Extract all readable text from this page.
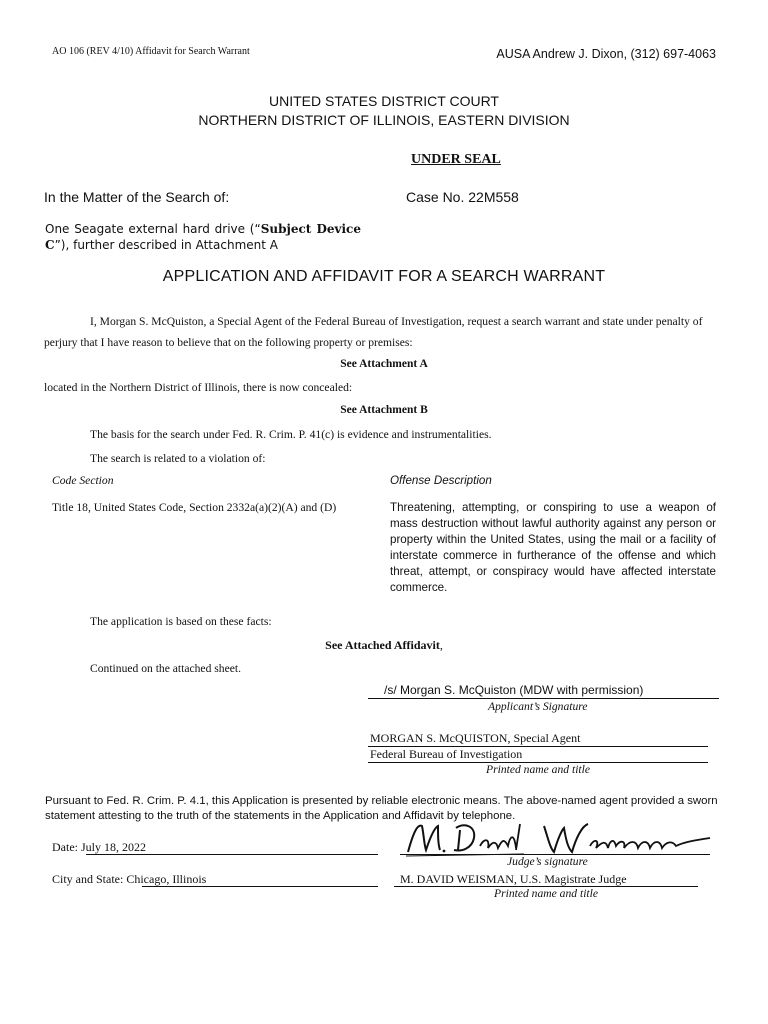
AO 106 (REV 4/10) Affidavit for Search Warrant	AUSA Andrew J. Dixon, (312) 697-4063
UNITED STATES DISTRICT COURT
NORTHERN DISTRICT OF ILLINOIS, EASTERN DIVISION
UNDER SEAL
In the Matter of the Search of:	Case No. 22M558
One Seagate external hard drive (“Subject Device C”), further described in Attachment A
APPLICATION AND AFFIDAVIT FOR A SEARCH WARRANT
I, Morgan S. McQuiston, a Special Agent of the Federal Bureau of Investigation, request a search warrant and state under penalty of perjury that I have reason to believe that on the following property or premises:
See Attachment A
located in the Northern District of Illinois, there is now concealed:
See Attachment B
The basis for the search under Fed. R. Crim. P. 41(c) is evidence and instrumentalities.
The search is related to a violation of:
Code Section	Offense Description
Title 18, United States Code, Section 2332a(a)(2)(A) and (D)	Threatening, attempting, or conspiring to use a weapon of mass destruction without lawful authority against any person or property within the United States, using the mail or a facility of interstate commerce in furtherance of the offense and which threat, attempt, or conspiracy would have affected interstate commerce.
The application is based on these facts:
See Attached Affidavit,
Continued on the attached sheet.
/s/ Morgan S. McQuiston (MDW with permission)
Applicant’s Signature
MORGAN S. McQUISTON, Special Agent
Federal Bureau of Investigation
Printed name and title
Pursuant to Fed. R. Crim. P. 4.1, this Application is presented by reliable electronic means. The above-named agent provided a sworn statement attesting to the truth of the statements in the Application and Affidavit by telephone.
Date: July 18, 2022
Judge’s signature
City and State: Chicago, Illinois	M. DAVID WEISMAN, U.S. Magistrate Judge
Printed name and title
